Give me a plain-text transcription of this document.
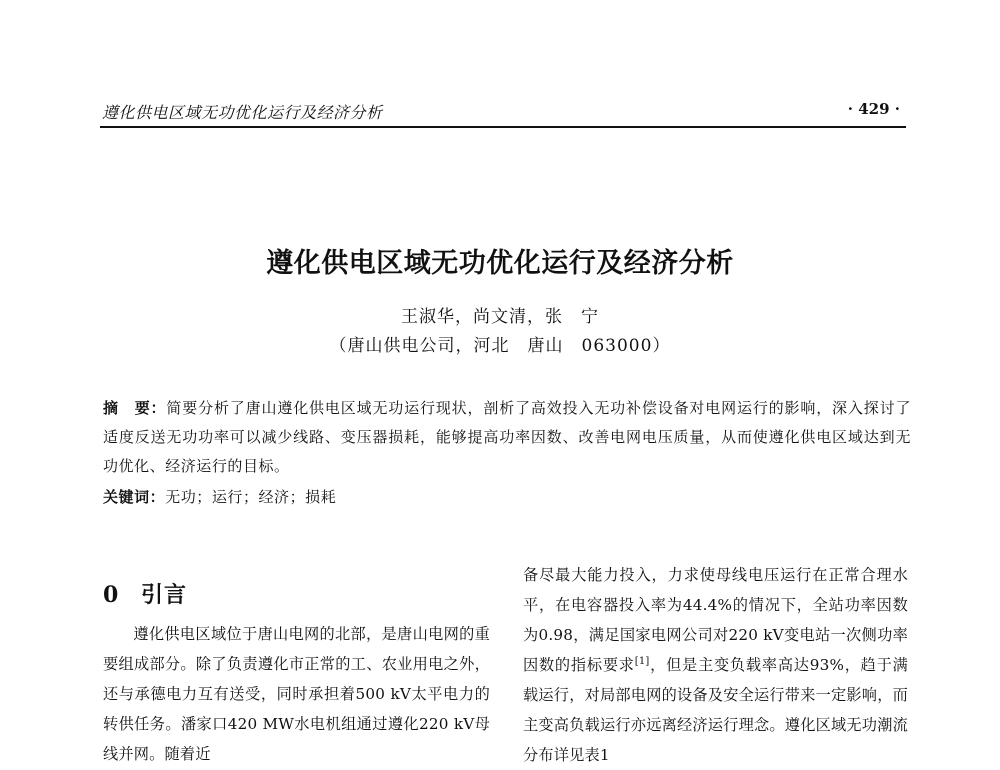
遵化供电区域无功优化运行及经济分析	· 429 ·
遵化供电区域无功优化运行及经济分析
王淑华，尚文清，张　宁
（唐山供电公司，河北　唐山　063000）
摘　要：简要分析了唐山遵化供电区域无功运行现状，剖析了高效投入无功补偿设备对电网运行的影响，深入探讨了适度反送无功功率可以减少线路、变压器损耗，能够提高功率因数、改善电网电压质量，从而使遵化供电区域达到无功优化、经济运行的目标。
关键词：无功；运行；经济；损耗
0 引言

遵化供电区域位于唐山电网的北部，是唐山电网的重要组成部分。除了负责遵化市正常的工、农业用电之外，还与承德电力互有送受，同时承担着500 kV太平电力的转供任务。潘家口420 MW水电机组通过遵化220 kV母线并网。随着近

备尽最大能力投入，力求使母线电压运行在正常合理水平，在电容器投入率为44.4%的情况下，全站功率因数为0.98，满足国家电网公司对220 kV变电站一次侧功率因数的指标要求[1]，但是主变负载率高达93%，趋于满载运行，对局部电网的设备及安全运行带来一定影响，而主变高负载运行亦远离经济运行理念。遵化区域无功潮流分布详见表1
